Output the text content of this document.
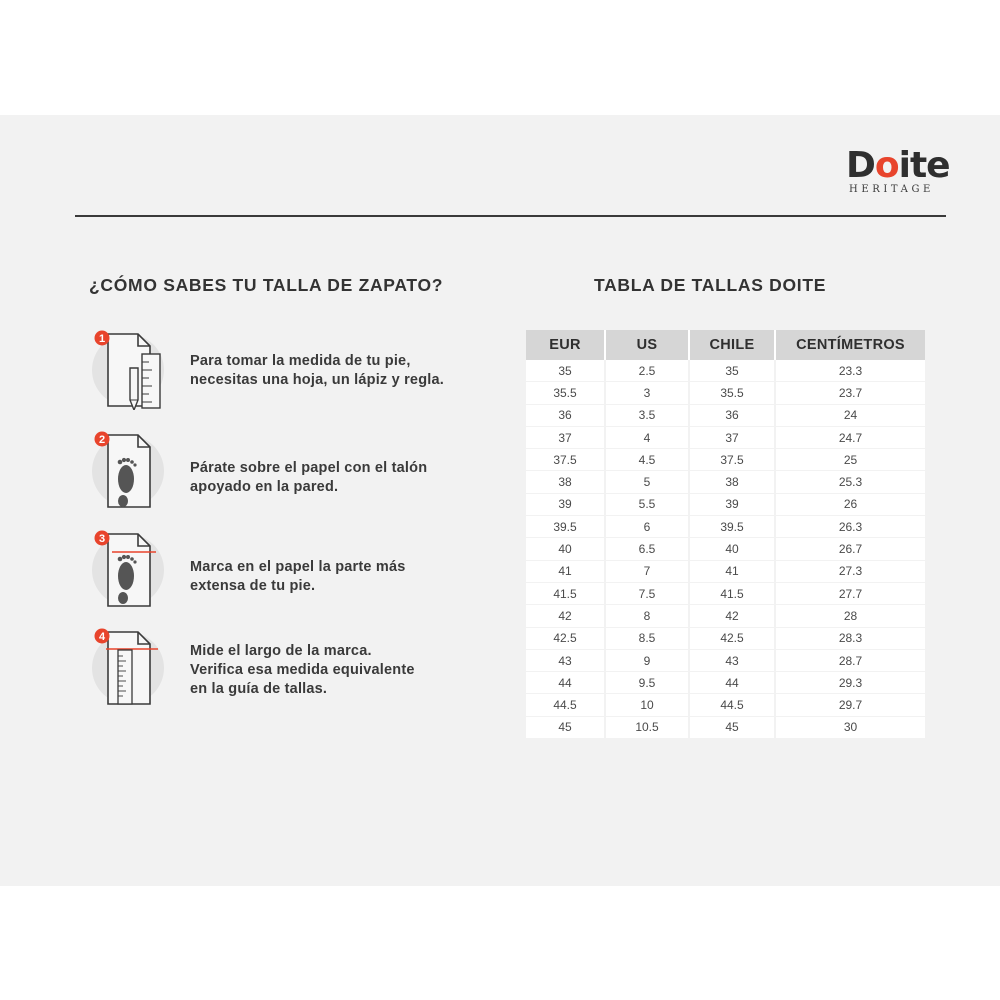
Doite
HERITAGE
¿CÓMO SABES TU TALLA DE ZAPATO?	TABLA DE TALLAS DOITE
1
Para tomar la medida de tu pie,
necesitas una hoja, un lápiz y regla.
2
Párate sobre el papel con el talón
apoyado en la pared.
3
Marca en el papel la parte más
extensa de tu pie.
4
Mide el largo de la marca.
Verifica esa medida equivalente
en la guía de tallas.
EUR	US	CHILE	CENTÍMETROS
35	2.5	35	23.3
35.5	3	35.5	23.7
36	3.5	36	24
37	4	37	24.7
37.5	4.5	37.5	25
38	5	38	25.3
39	5.5	39	26
39.5	6	39.5	26.3
40	6.5	40	26.7
41	7	41	27.3
41.5	7.5	41.5	27.7
42	8	42	28
42.5	8.5	42.5	28.3
43	9	43	28.7
44	9.5	44	29.3
44.5	10	44.5	29.7
45	10.5	45	30
